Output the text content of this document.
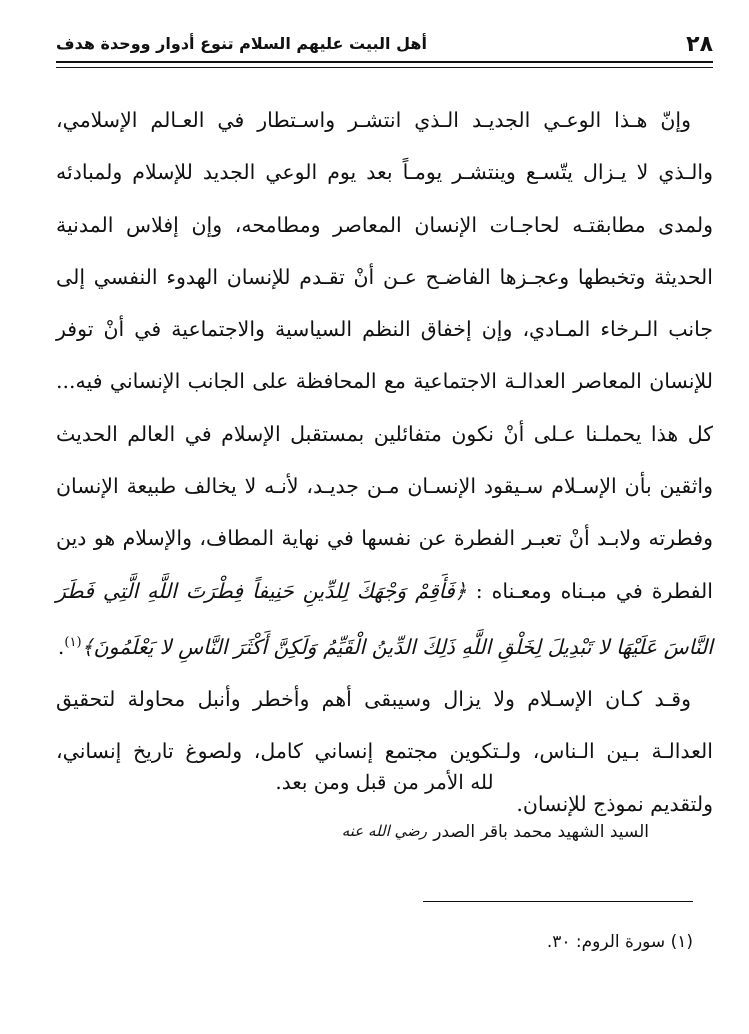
٢٨
أهل البيت عليهم السلام تنوع أدوار ووحدة هدف

وإنّ هـذا الوعـي الجديـد الـذي انتشـر واسـتطار في العـالم الإسلامي، والـذي لا يـزال يتّسـع وينتشـر يومـاً بعد يوم الوعي الجديد للإسلام ولمبادئه ولمدى مطابقتـه لحاجـات الإنسان المعاصر ومطامحه، وإن إفلاس المدنية الحديثة وتخبطها وعجـزها الفاضـح عـن أنْ تقـدم للإنسان الهدوء النفسي إلى جانب الـرخاء المـادي، وإن إخفاق النظم السياسية والاجتماعية في أنْ توفر للإنسان المعاصر العدالـة الاجتماعية مع المحافظة على الجانب الإنساني فيه... كل هذا يحملـنا عـلى أنْ نكون متفائلين بمستقبل الإسلام في العالم الحديث واثقين بأن الإسـلام سـيقود الإنسـان مـن جديـد، لأنـه لا يخالف طبيعة الإنسان وفطرته ولابـد أنْ تعبـر الفطرة عن نفسها في نهاية المطاف، والإسلام هو دين الفطرة في مبـناه ومعـناه : ﴿فَأَقِمْ وَجْهَكَ لِلدِّينِ حَنِيفاً فِطْرَتَ اللَّهِ الَّتِي فَطَرَ النَّاسَ عَلَيْهَا لا تَبْدِيلَ لِخَلْقِ اللَّهِ ذَلِكَ الدِّينُ الْقَيِّمُ وَلَكِنَّ أَكْثَرَ النَّاسِ لا يَعْلَمُونَ﴾$^{(١)}$.

وقـد كـان الإسـلام ولا يزال وسيبقى أهم وأخطر وأنبل محاولة لتحقيق العدالـة بـين الـناس، ولـتكوين مجتمع إنساني كامل، ولصوغ تاريخ إنساني، ولتقديم نموذج للإنسان.

لله الأمر من قبل ومن بعد.
السيد الشهيد محمد باقر الصدر
رضي الله عنه
(١) سورة الروم: ٣٠.
